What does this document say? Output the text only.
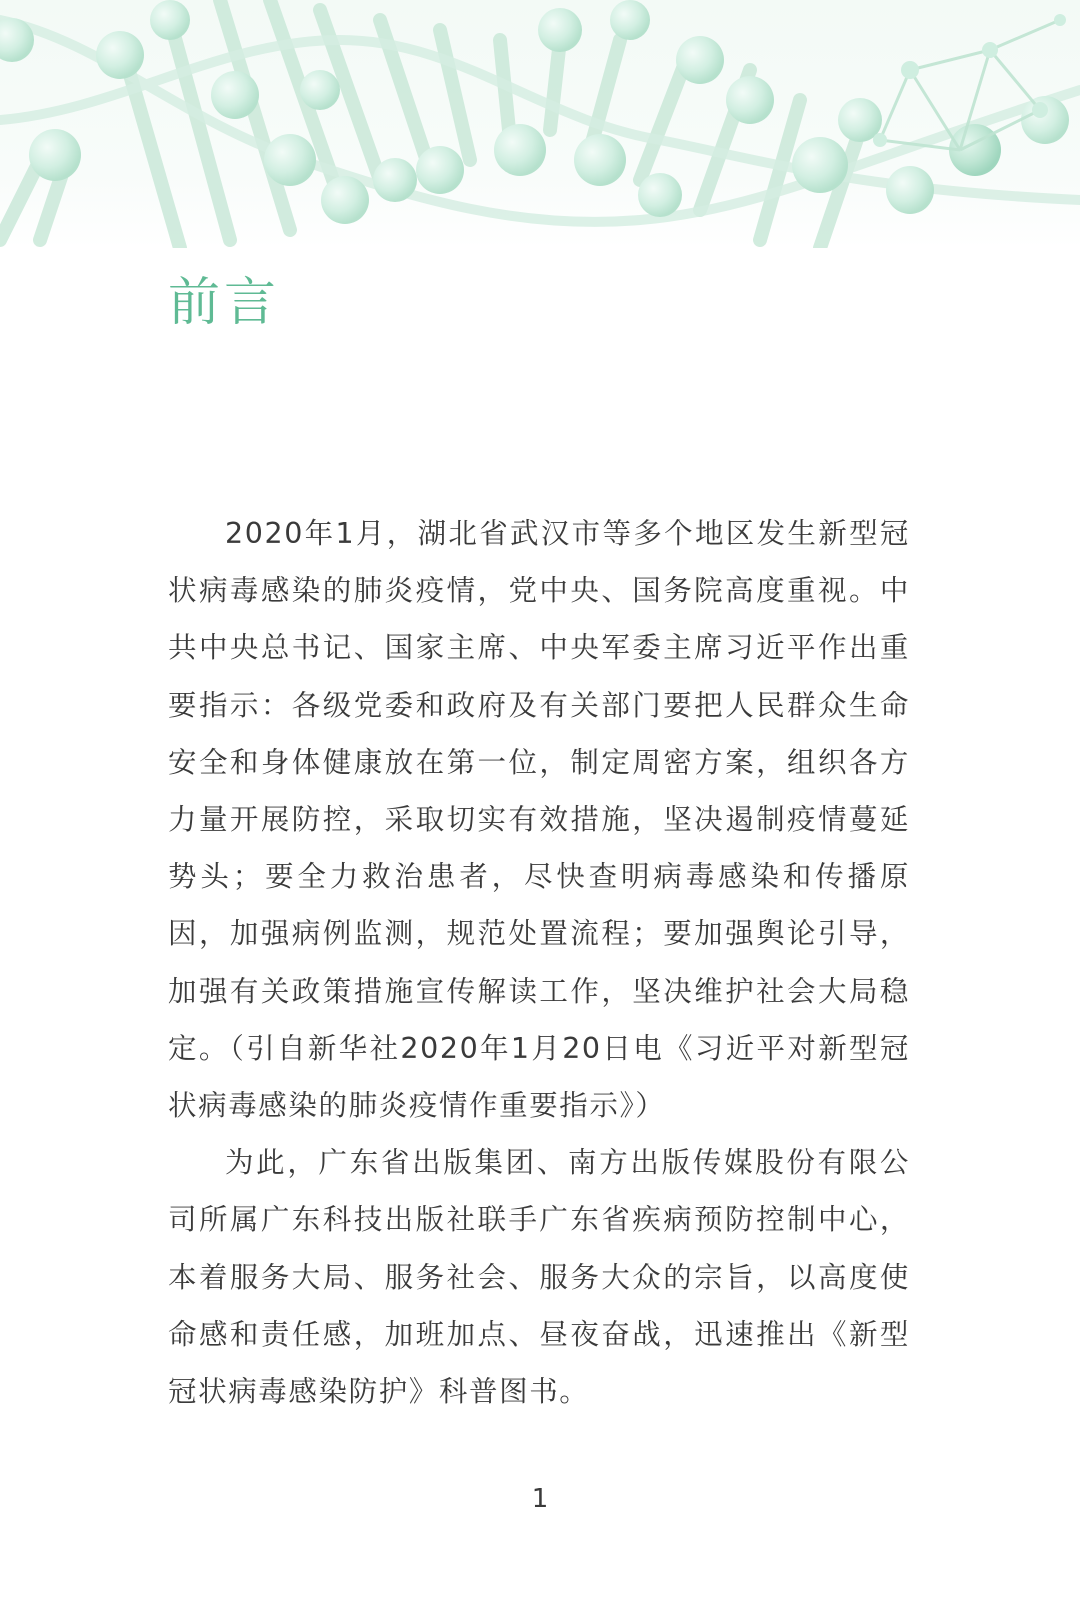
前言

2020年1月，湖北省武汉市等多个地区发生新型冠状病毒感染的肺炎疫情，党中央、国务院高度重视。中共中央总书记、国家主席、中央军委主席习近平作出重要指示：各级党委和政府及有关部门要把人民群众生命安全和身体健康放在第一位，制定周密方案，组织各方力量开展防控，采取切实有效措施，坚决遏制疫情蔓延势头；要全力救治患者，尽快查明病毒感染和传播原因，加强病例监测，规范处置流程；要加强舆论引导，加强有关政策措施宣传解读工作，坚决维护社会大局稳定。（引自新华社2020年1月20日电《习近平对新型冠状病毒感染的肺炎疫情作重要指示》）

为此，广东省出版集团、南方出版传媒股份有限公司所属广东科技出版社联手广东省疾病预防控制中心，本着服务大局、服务社会、服务大众的宗旨，以高度使命感和责任感，加班加点、昼夜奋战，迅速推出《新型冠状病毒感染防护》科普图书。

1
